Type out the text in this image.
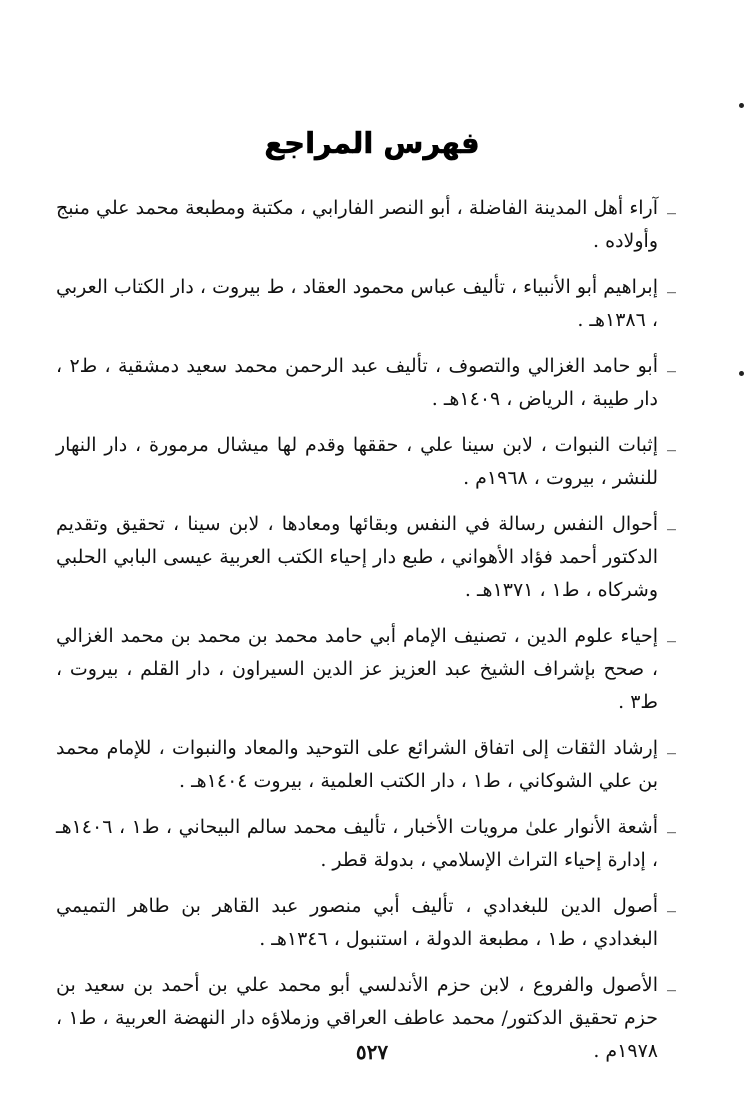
فهرس المراجع

_ آراء أهل المدينة الفاضلة ، أبو النصر الفارابي ، مكتبة ومطبعة محمد علي منبج وأولاده .

_ إبراهيم أبو الأنبياء ، تأليف عباس محمود العقاد ، ط بيروت ، دار الكتاب العربي ، ١٣٨٦هـ .

_ أبو حامد الغزالي والتصوف ، تأليف عبد الرحمن محمد سعيد دمشقية ، ط٢ ، دار طيبة ، الرياض ، ١٤٠٩هـ .

_ إثبات النبوات ، لابن سينا علي ، حققها وقدم لها ميشال مرمورة ، دار النهار للنشر ، بيروت ، ١٩٦٨م .

_ أحوال النفس رسالة في النفس وبقائها ومعادها ، لابن سينا ، تحقيق وتقديم الدكتور أحمد فؤاد الأهواني ، طبع دار إحياء الكتب العربية عيسى البابي الحلبي وشركاه ، ط١ ، ١٣٧١هـ .

_ إحياء علوم الدين ، تصنيف الإمام أبي حامد محمد بن محمد بن محمد الغزالي ، صحح بإشراف الشيخ عبد العزيز عز الدين السيراون ، دار القلم ، بيروت ، ط٣ .

_ إرشاد الثقات إلى اتفاق الشرائع على التوحيد والمعاد والنبوات ، للإمام محمد بن علي الشوكاني ، ط١ ، دار الكتب العلمية ، بيروت ١٤٠٤هـ .

_ أشعة الأنوار علىٰ مرويات الأخبار ، تأليف محمد سالم البيحاني ، ط١ ، ١٤٠٦هـ ، إدارة إحياء التراث الإسلامي ، بدولة قطر .

_ أصول الدين للبغدادي ، تأليف أبي منصور عبد القاهر بن طاهر التميمي البغدادي ، ط١ ، مطبعة الدولة ، استنبول ، ١٣٤٦هـ .

_ الأصول والفروع ، لابن حزم الأندلسي أبو محمد علي بن أحمد بن سعيد بن حزم تحقيق الدكتور/ محمد عاطف العراقي وزملاؤه دار النهضة العربية ، ط١ ، ١٩٧٨م .

٥٢٧
